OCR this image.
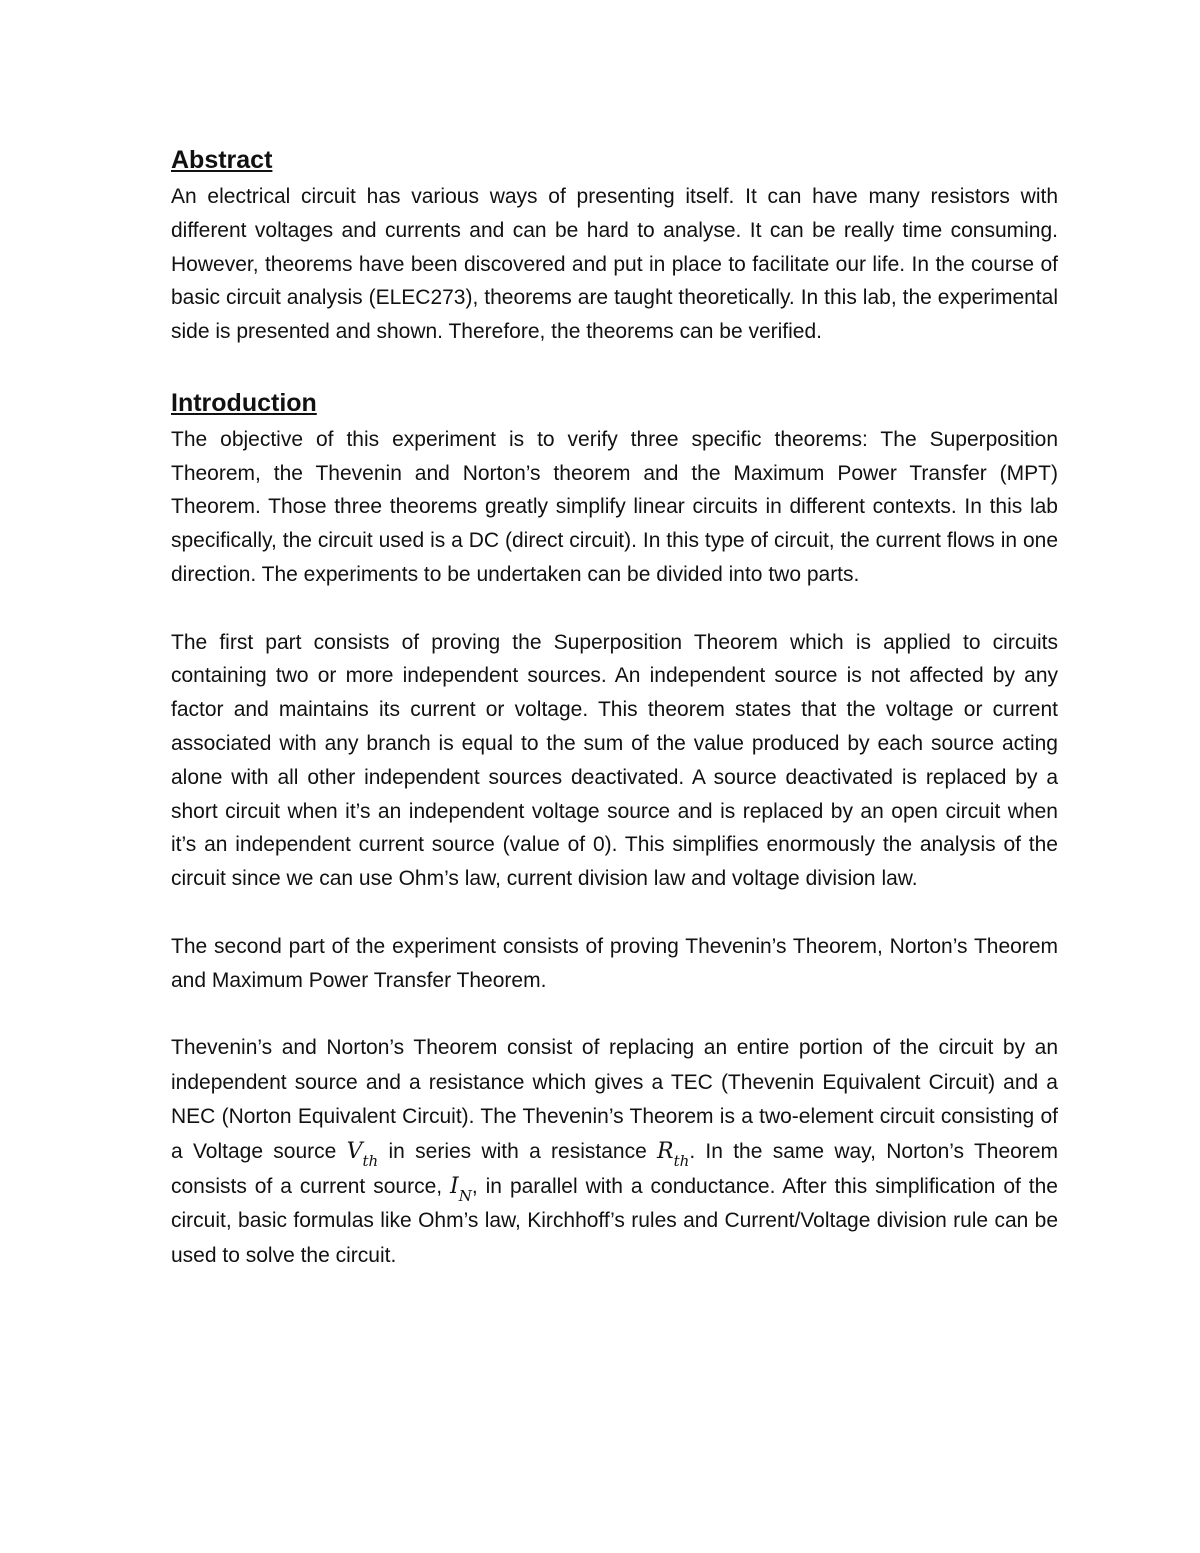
Abstract

An electrical circuit has various ways of presenting itself. It can have many resistors with different voltages and currents and can be hard to analyse. It can be really time consuming. However, theorems have been discovered and put in place to facilitate our life. In the course of basic circuit analysis (ELEC273), theorems are taught theoretically. In this lab, the experimental side is presented and shown. Therefore, the theorems can be verified.

Introduction

The objective of this experiment is to verify three specific theorems: The Superposition Theorem, the Thevenin and Norton’s theorem and the Maximum Power Transfer (MPT) Theorem. Those three theorems greatly simplify linear circuits in different contexts. In this lab specifically, the circuit used is a DC (direct circuit). In this type of circuit, the current flows in one direction. The experiments to be undertaken can be divided into two parts.

The first part consists of proving the Superposition Theorem which is applied to circuits containing two or more independent sources. An independent source is not affected by any factor and maintains its current or voltage. This theorem states that the voltage or current associated with any branch is equal to the sum of the value produced by each source acting alone with all other independent sources deactivated. A source deactivated is replaced by a short circuit when it’s an independent voltage source and is replaced by an open circuit when it’s an independent current source (value of 0). This simplifies enormously the analysis of the circuit since we can use Ohm’s law, current division law and voltage division law.

The second part of the experiment consists of proving Thevenin’s Theorem, Norton’s Theorem and Maximum Power Transfer Theorem.

Thevenin’s and Norton’s Theorem consist of replacing an entire portion of the circuit by an independent source and a resistance which gives a TEC (Thevenin Equivalent Circuit) and a NEC (Norton Equivalent Circuit). The Thevenin’s Theorem is a two-element circuit consisting of a Voltage source $V_{th}$ in series with a resistance $R_{th}$. In the same way, Norton’s Theorem consists of a current source, $I_N$, in parallel with a conductance. After this simplification of the circuit, basic formulas like Ohm’s law, Kirchhoff’s rules and Current/Voltage division rule can be used to solve the circuit.
